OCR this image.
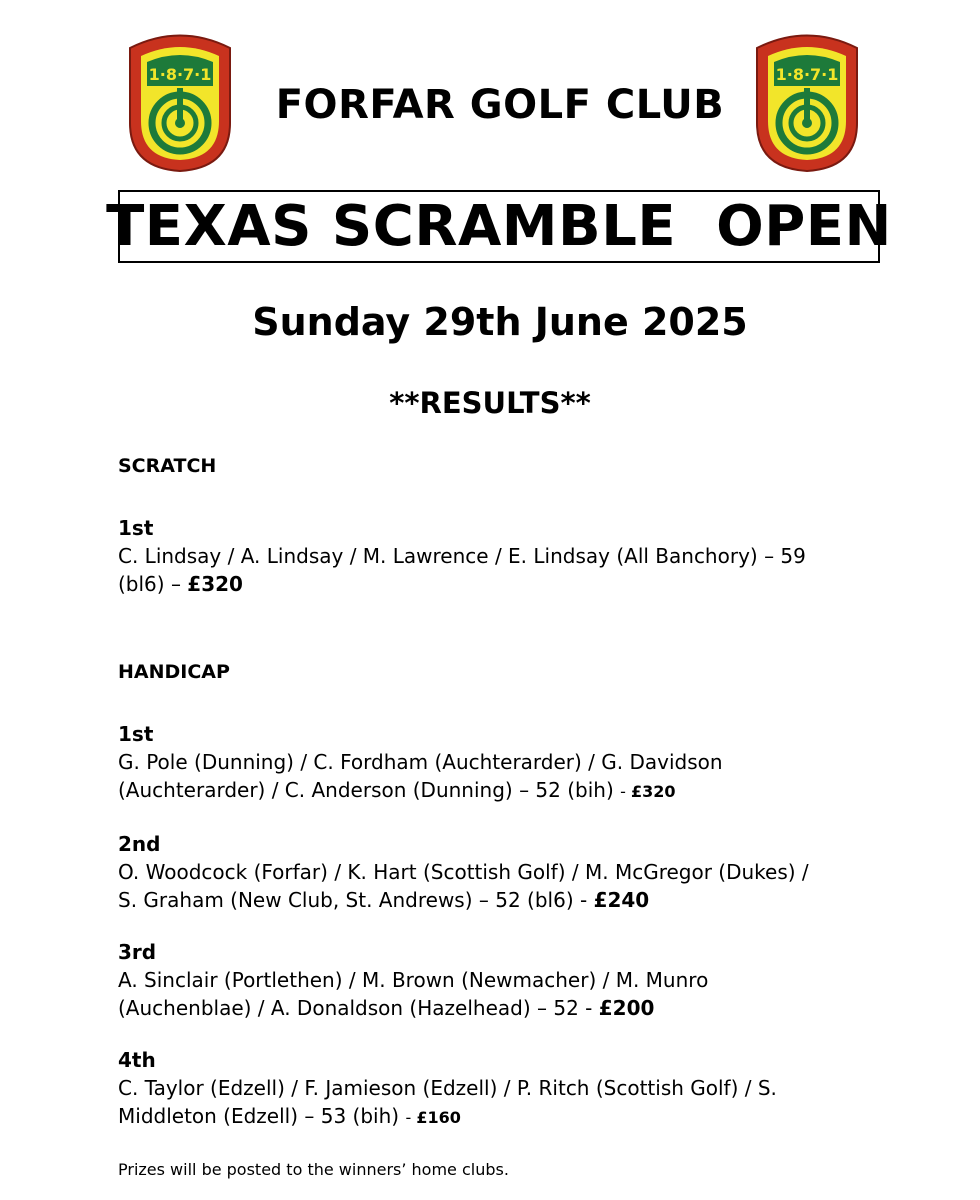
1·8·7·1
FORFAR GOLF CLUB
1·8·7·1
TEXAS SCRAMBLE  OPEN
Sunday 29th June 2025
**RESULTS**

SCRATCH

1st

C. Lindsay / A. Lindsay / M. Lawrence / E. Lindsay (All Banchory) – 59 (bl6) – £320

HANDICAP

1st

G. Pole (Dunning) / C. Fordham (Auchterarder) / G. Davidson

(Auchterarder) / C. Anderson (Dunning) – 52 (bih) - £320

2nd

O. Woodcock (Forfar) / K. Hart (Scottish Golf) / M. McGregor (Dukes) /

S. Graham (New Club, St. Andrews) – 52 (bl6) - £240

3rd

A. Sinclair (Portlethen) / M. Brown (Newmacher) / M. Munro

(Auchenblae) / A. Donaldson (Hazelhead) – 52 - £200

4th

C. Taylor (Edzell) / F. Jamieson (Edzell) / P. Ritch (Scottish Golf) / S.

Middleton (Edzell) – 53 (bih) - £160

Prizes will be posted to the winners’ home clubs.
